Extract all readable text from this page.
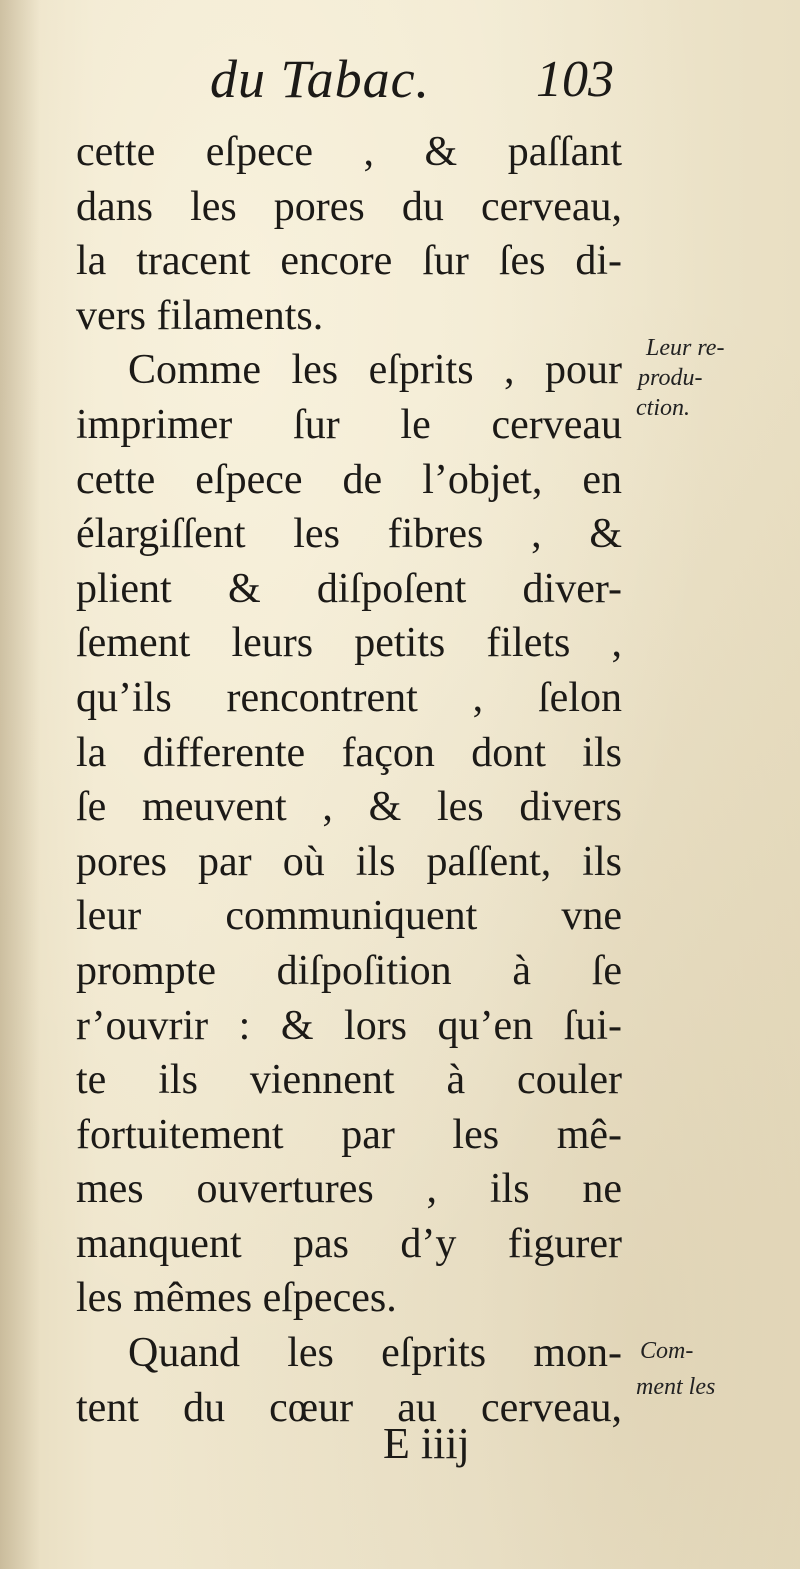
du Tabac. 103
cette eſpece , & paſſant
dans les pores du cerveau,
la tracent encore ſur ſes di-
vers filaments.
Comme les eſprits , pour
imprimer ſur le cerveau
cette eſpece de l’objet, en
élargiſſent les fibres , &
plient & diſpoſent diver-
ſement leurs petits filets ,
qu’ils rencontrent , ſelon
la differente façon dont ils
ſe meuvent , & les divers
pores par où ils paſſent, ils
leur communiquent vne
prompte diſpoſition à ſe
r’ouvrir : & lors qu’en ſui-
te ils viennent à couler
fortuitement par les mê-
mes ouvertures , ils ne
manquent pas d’y figurer
les mêmes eſpeces.
Quand les eſprits mon-
tent du cœur au cerveau,
Leur re-
produ-
ction.
Com-
ment les
E iiij
